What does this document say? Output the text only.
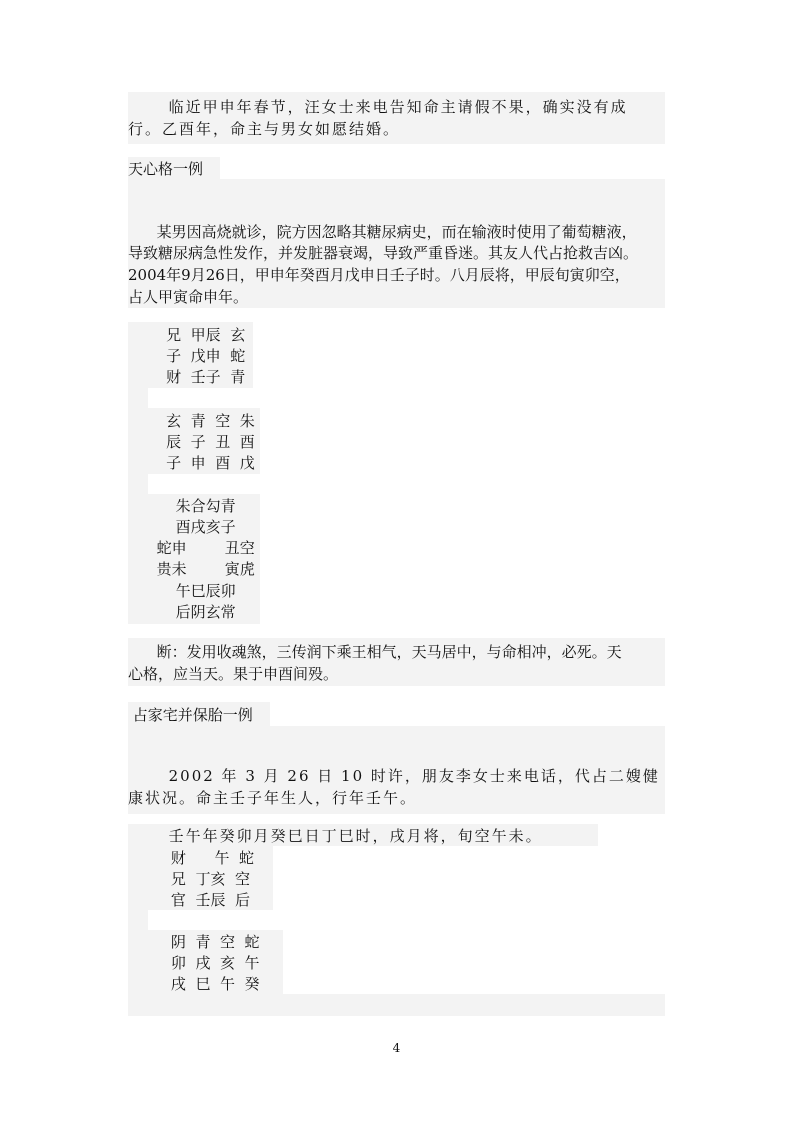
临近甲申年春节，汪女士来电告知命主请假不果，确实没有成
行。乙酉年，命主与男女如愿结婚。
天心格一例
某男因高烧就诊，院方因忽略其糖尿病史，而在输液时使用了葡萄糖液，
导致糖尿病急性发作，并发脏器衰竭，导致严重昏迷。其友人代占抢救吉凶。
2004年9月26日，甲申年癸酉月戊申日壬子时。八月辰将，甲辰旬寅卯空，
占人甲寅命申年。
兄  甲辰  玄
子  戊申  蛇
财  壬子  青
玄  青  空  朱
辰  子  丑  酉
子  申  酉  戊
朱合勾青
酉戌亥子
蛇申        丑空
贵未        寅虎
午巳辰卯
后阴玄常
断：发用收魂煞，三传润下乘王相气，天马居中，与命相冲，必死。天
心格，应当天。果于申酉间殁。
占家宅并保胎一例
2002 年 3 月 26 日 10 时许，朋友李女士来电话，代占二嫂健
康状况。命主壬子年生人，行年壬午。
壬午年癸卯月癸巳日丁巳时，戌月将，旬空午未。
财      午  蛇
兄  丁亥  空
官  壬辰  后
阴  青  空  蛇
卯  戌  亥  午
戌  巳  午  癸
4
